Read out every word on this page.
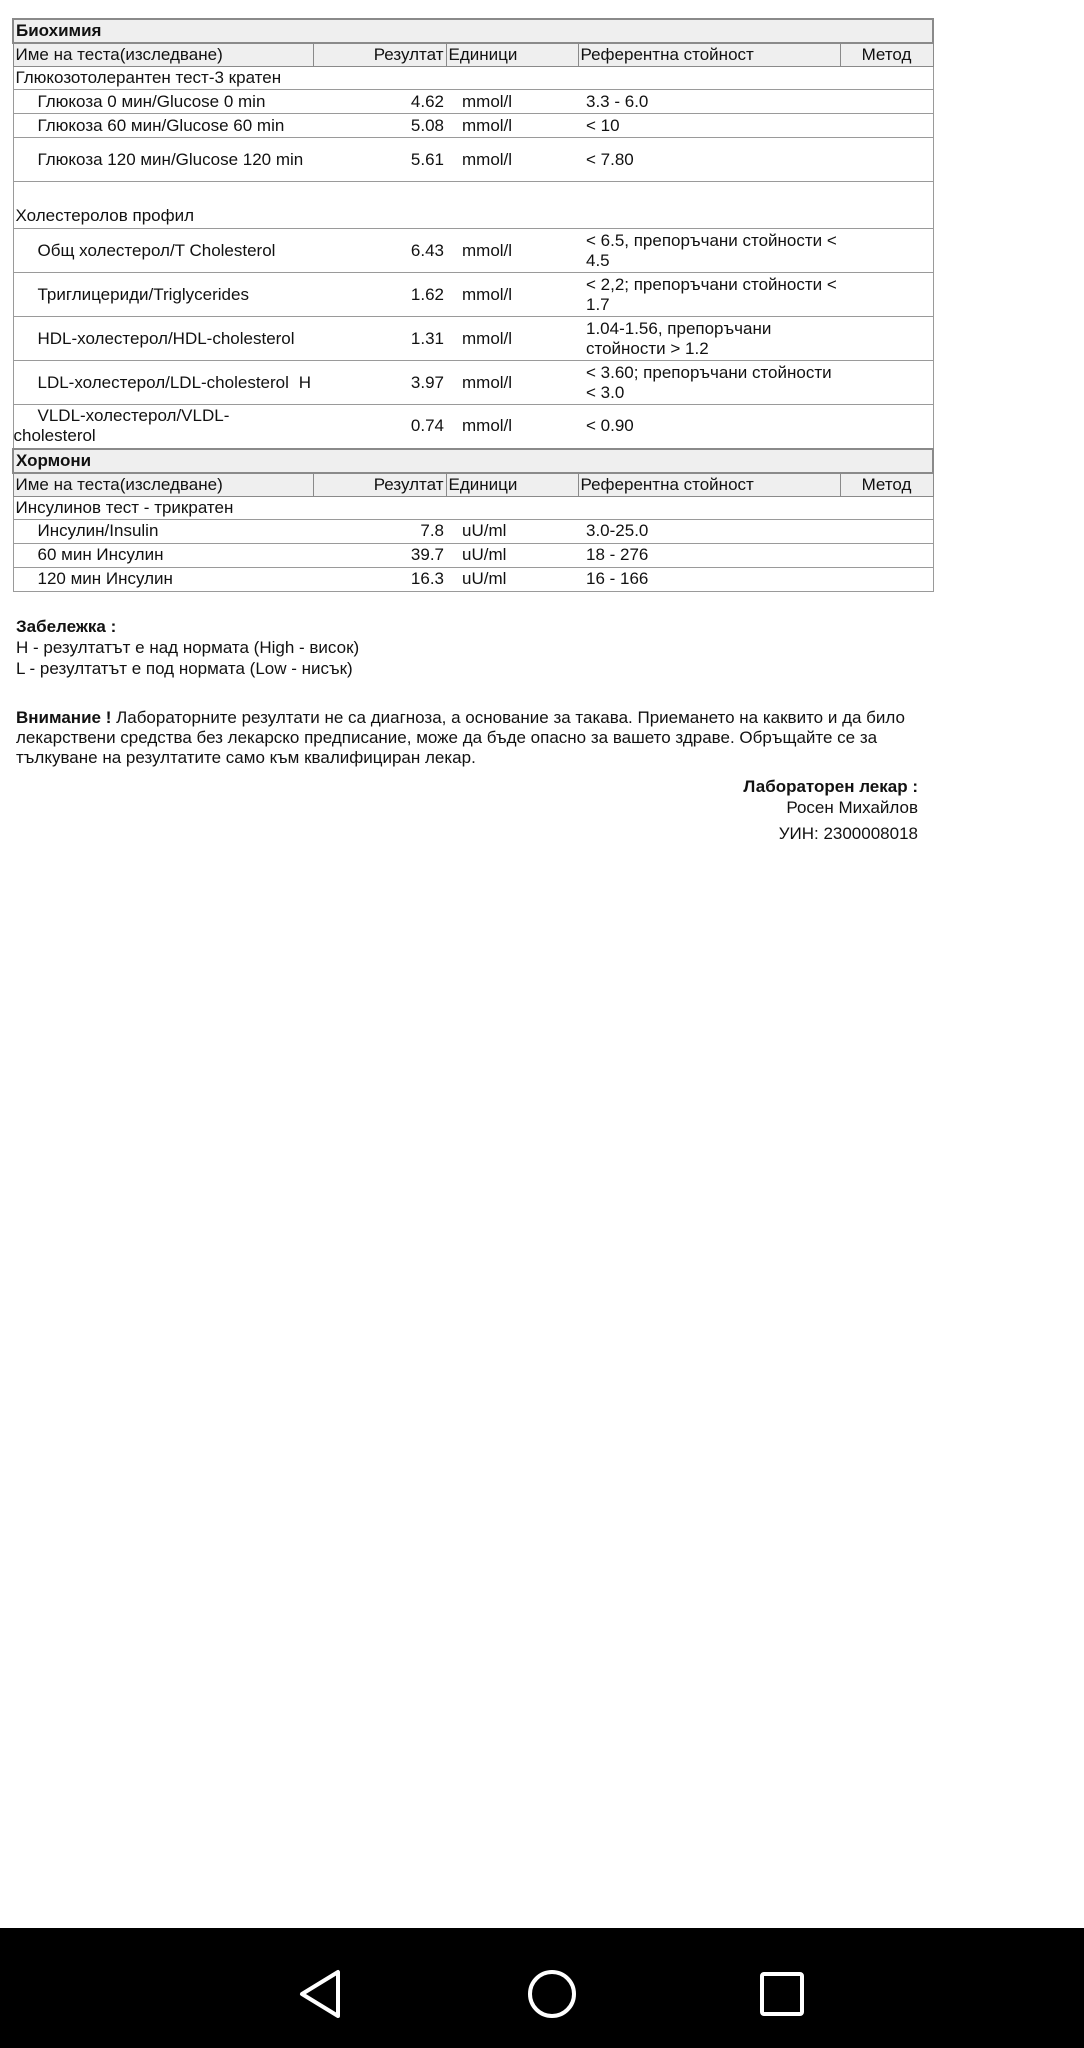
Биохимия				
Име на теста(изследване)	Резултат	Единици	Референтна стойност	Метод
Глюкозотолерантен тест-3 кратен				

Глюкоза 0 мин/Glucose 0 min	4.62	mmol/l	3.3 - 6.0	

Глюкоза 60 мин/Glucose 60 min	5.08	mmol/l	< 10	

Глюкоза 120 мин/Glucose 120 min	5.61	mmol/l	< 7.80	
Холестеролов профил				

Общ холестерол/T Cholesterol	6.43	mmol/l	< 6.5, препоръчани стойности < 4.5	

Триглицериди/Triglycerides	1.62	mmol/l	< 2,2; препоръчани стойности < 1.7	

HDL-холестерол/HDL-cholesterol	1.31	mmol/l	1.04-1.56, препоръчани стойности > 1.2	

LDL-холестерол/LDL-cholesterol H	3.97	mmol/l	< 3.60; препоръчани стойности < 3.0	

VLDL-холестерол/VLDL-cholesterol	0.74	mmol/l	< 0.90	
Хормони				
Име на теста(изследване)	Резултат	Единици	Референтна стойност	Метод
Инсулинов тест - трикратен				

Инсулин/Insulin	7.8	uU/ml	3.0-25.0	

60 мин Инсулин	39.7	uU/ml	18 - 276	

120 мин Инсулин	16.3	uU/ml	16 - 166	
Забележка :
H - резултатът е над нормата (High - висок)
L - резултатът е под нормата (Low - нисък)
Внимание ! Лабораторните резултати не са диагноза, а основание за такава. Приемането на каквито и да било лекарствени средства без лекарско предписание, може да бъде опасно за вашето здраве. Обръщайте се за тълкуване на резултатите само към квалифициран лекар.
Лабораторен лекар :
Росен Михайлов
УИН: 2300008018
